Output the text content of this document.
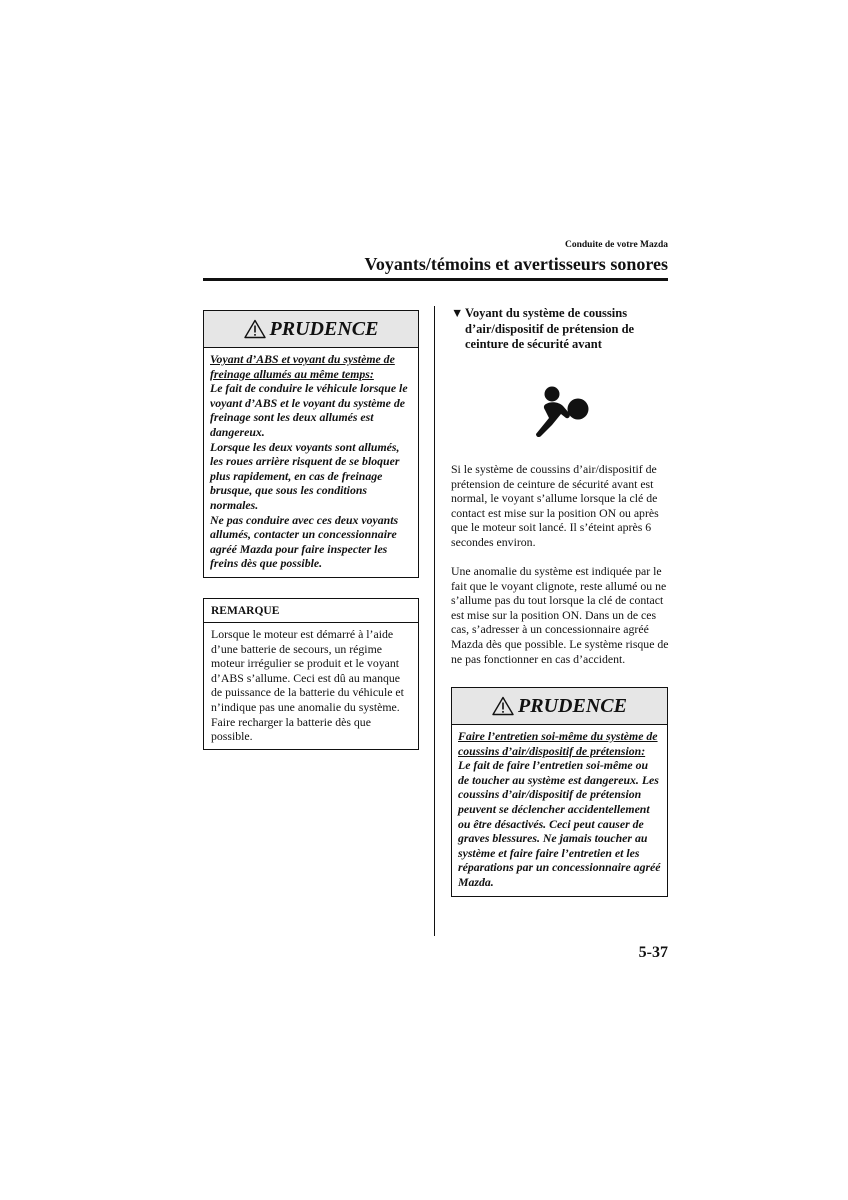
Conduite de votre Mazda
Voyants/témoins et avertisseurs sonores
PRUDENCE
Voyant d’ABS et voyant du système de freinage allumés au même temps:

Le fait de conduire le véhicule lorsque le voyant d’ABS et le voyant du système de freinage sont les deux allumés est dangereux.

Lorsque les deux voyants sont allumés, les roues arrière risquent de se bloquer plus rapidement, en cas de freinage brusque, que sous les conditions normales.

Ne pas conduire avec ces deux voyants allumés, contacter un concessionnaire agréé Mazda pour faire inspecter les freins dès que possible.

REMARQUE

Lorsque le moteur est démarré à l’aide d’une batterie de secours, un régime moteur irrégulier se produit et le voyant d’ABS s’allume. Ceci est dû au manque de puissance de la batterie du véhicule et n’indique pas une anomalie du système.

Faire recharger la batterie dès que possible.

▼ Voyant du système de coussins d’air/dispositif de prétension de ceinture de sécurité avant

Si le système de coussins d’air/dispositif de prétension de ceinture de sécurité avant est normal, le voyant s’allume lorsque la clé de contact est mise sur la position ON ou après que le moteur soit lancé. Il s’éteint après 6 secondes environ.

Une anomalie du système est indiquée par le fait que le voyant clignote, reste allumé ou ne s’allume pas du tout lorsque la clé de contact est mise sur la position ON. Dans un de ces cas, s’adresser à un concessionnaire agréé Mazda dès que possible. Le système risque de ne pas fonctionner en cas d’accident.

PRUDENCE
Faire l’entretien soi-même du système de coussins d’air/dispositif de prétension:

Le fait de faire l’entretien soi-même ou de toucher au système est dangereux. Les coussins d’air/dispositif de prétension peuvent se déclencher accidentellement ou être désactivés. Ceci peut causer de graves blessures. Ne jamais toucher au système et faire faire l’entretien et les réparations par un concessionnaire agréé Mazda.

5-37
